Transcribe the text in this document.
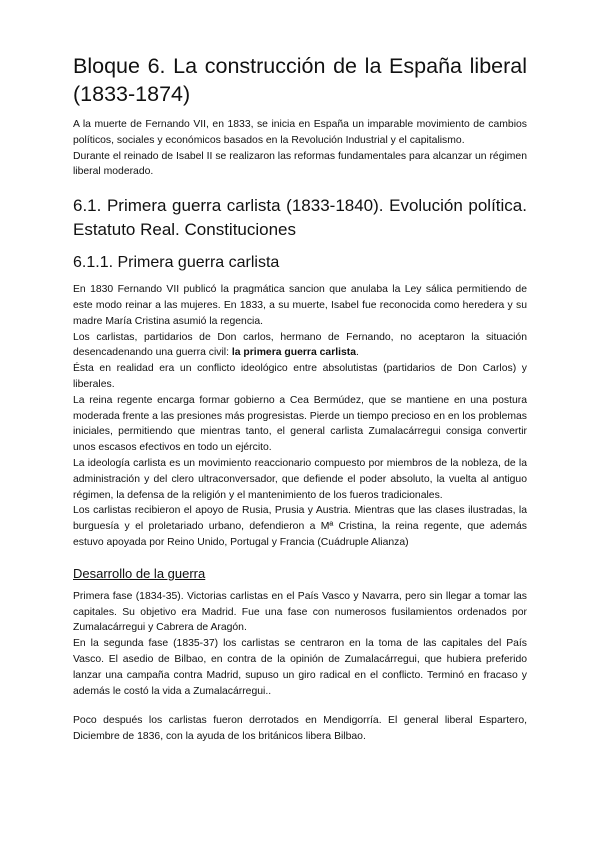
Bloque 6. La construcción de la España liberal (1833-1874)

A la muerte de Fernando VII, en 1833, se inicia en España un imparable movimiento de cambios políticos, sociales y económicos basados en la Revolución Industrial y el capitalismo.

Durante el reinado de Isabel II se realizaron las reformas fundamentales para alcanzar un régimen liberal moderado.

6.1. Primera guerra carlista (1833-1840). Evolución política. Estatuto Real. Constituciones
6.1.1. Primera guerra carlista

En 1830 Fernando VII publicó la pragmática sancion que anulaba la Ley sálica permitiendo de este modo reinar a las mujeres. En 1833, a su muerte, Isabel fue reconocida como heredera y su madre María Cristina asumió la regencia.

Los carlistas, partidarios de Don carlos, hermano de Fernando, no aceptaron la situación desencadenando una guerra civil: la primera guerra carlista.

Ésta en realidad era un conflicto ideológico entre absolutistas (partidarios de Don Carlos) y liberales.

La reina regente encarga formar gobierno a Cea Bermúdez, que se mantiene en una postura moderada frente a las presiones más progresistas. Pierde un tiempo precioso en en los problemas iniciales, permitiendo que mientras tanto, el general carlista Zumalacárregui consiga convertir unos escasos efectivos en todo un ejército.

La ideología carlista es un movimiento reaccionario compuesto por miembros de la nobleza, de la administración y del clero ultraconversador, que defiende el poder absoluto, la vuelta al antiguo régimen, la defensa de la religión y el mantenimiento de los fueros tradicionales.

Los carlistas recibieron el apoyo de Rusia, Prusia y Austria. Mientras que las clases ilustradas, la burguesía y el proletariado urbano, defendieron a Mª Cristina, la reina regente, que además estuvo apoyada por Reino Unido, Portugal y Francia (Cuádruple Alianza)

Desarrollo de la guerra

Primera fase (1834-35). Victorias carlistas en el País Vasco y Navarra, pero sin llegar a tomar las capitales. Su objetivo era Madrid. Fue una fase con numerosos fusilamientos ordenados por Zumalacárregui y Cabrera de Aragón.

En la segunda fase (1835-37) los carlistas se centraron en la toma de las capitales del País Vasco. El asedio de Bilbao, en contra de la opinión de Zumalacárregui, que hubiera preferido lanzar una campaña contra Madrid, supuso un giro radical en el conflicto. Terminó en fracaso y además le costó la vida a Zumalacárregui..

Poco después los carlistas fueron derrotados en Mendigorría. El general liberal Espartero, Diciembre de 1836, con la ayuda de los británicos libera Bilbao.
